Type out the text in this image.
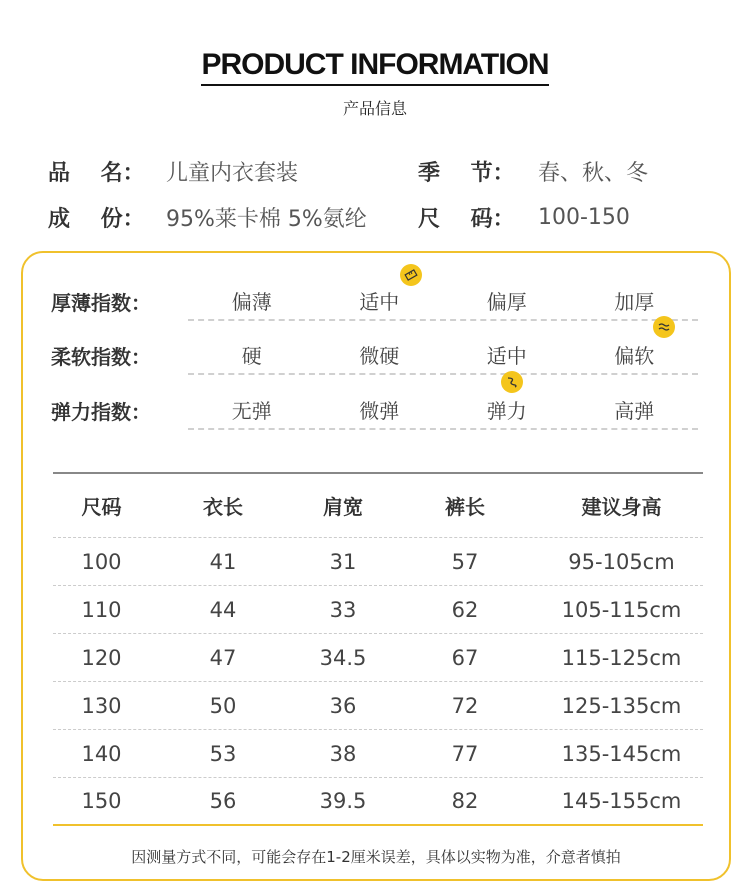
PRODUCT INFORMATION
产品信息
品    名： 儿童内衣套装	季    节：	春、秋、冬
成    份： 95%莱卡棉 5%氨纶 尺    码：	100-150
厚薄指数：	偏薄	适中	偏厚	加厚
柔软指数：	硬	微硬	适中	偏软
弹力指数：	无弹	微弹	弹力	高弹
尺码	衣长	肩宽	裤长	建议身高
100	41	31	57	95-105cm
110	44	33	62	105-115cm
120	47	34.5	67	115-125cm
130	50	36	72	125-135cm
140	53	38	77	135-145cm
150	56	39.5	82	145-155cm
因测量方式不同，可能会存在1-2厘米误差，具体以实物为准，介意者慎拍
